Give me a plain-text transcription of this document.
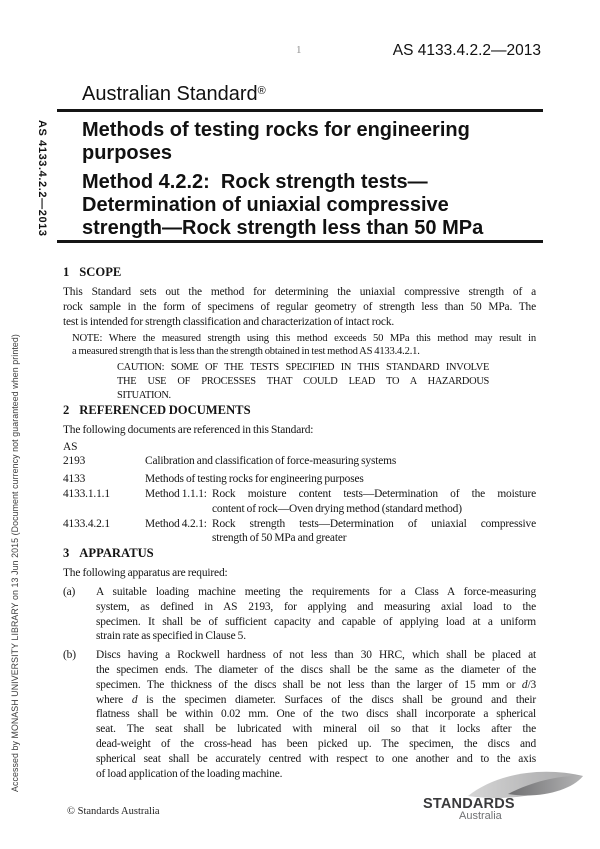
AS 4133.4.2.2—2013
Accessed by MONASH UNIVERSITY LIBRARY on 13 Jun 2015 (Document currency not guaranteed when printed)
1	AS 4133.4.2.2—2013
Australian Standard®
Methods of testing rocks for engineering
purposes
Method 4.2.2:  Rock strength tests—
Determination of uniaxial compressive
strength—Rock strength less than 50 MPa
1 SCOPE
This Standard sets out the method for determining the uniaxial compressive strength of a
rock sample in the form of specimens of regular geometry of strength less than 50 MPa. The
test is intended for strength classification and characterization of intact rock.
NOTE: Where the measured strength using this method exceeds 50 MPa this method may result in
a measured strength that is less than the strength obtained in test method AS 4133.4.2.1.
CAUTION: SOME OF THE TESTS SPECIFIED IN THIS STANDARD INVOLVE
THE USE OF PROCESSES THAT COULD LEAD TO A HAZARDOUS
SITUATION.
2 REFERENCED DOCUMENTS
The following documents are referenced in this Standard:
AS
2193	Calibration and classification of force-measuring systems
4133	Methods of testing rocks for engineering purposes
4133.1.1.1	Method 1.1.1: Rock moisture content tests—Determination of the moisture
content of rock—Oven drying method (standard method)
4133.4.2.1	Method 4.2.1: Rock strength tests—Determination of uniaxial compressive
strength of 50 MPa and greater
3 APPARATUS
The following apparatus are required:
(a)	A suitable loading machine meeting the requirements for a Class A force-measuring
system, as defined in AS 2193, for applying and measuring axial load to the
specimen. It shall be of sufficient capacity and capable of applying load at a uniform
strain rate as specified in Clause 5.
(b)	Discs having a Rockwell hardness of not less than 30 HRC, which shall be placed at
the specimen ends. The diameter of the discs shall be the same as the diameter of the
specimen. The thickness of the discs shall be not less than the larger of 15 mm or d/3
where d is the specimen diameter. Surfaces of the discs shall be ground and their
flatness shall be within 0.02 mm. One of the two discs shall incorporate a spherical
seat. The seat shall be lubricated with mineral oil so that it locks after the
dead-weight of the cross-head has been picked up. The specimen, the discs and
spherical seat shall be accurately centred with respect to one another and to the axis
of load application of the loading machine.
© Standards Australia	STANDARDS
Australia
